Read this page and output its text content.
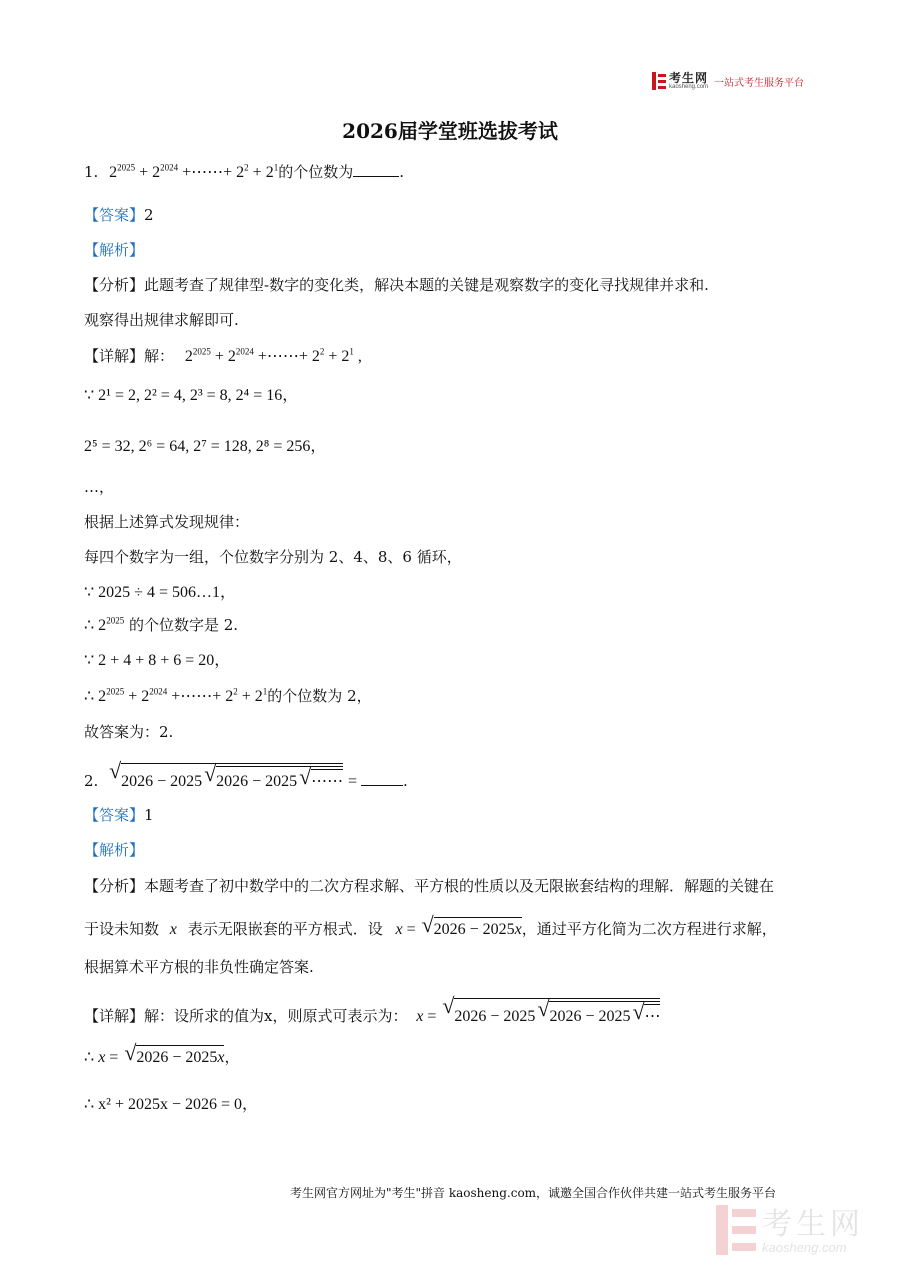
考生网
kaosheng.com 一站式考生服务平台
2026届学堂班选拔考试
1. $2^{2025} + 2^{2024}$ +⋯⋯+ $2^2 + 2^1$的个位数为	.
【答案】2
【解析】
【分析】此题考查了规律型-数字的变化类，解决本题的关键是观察数字的变化寻找规律并求和.
观察得出规律求解即可.
【详解】解： $2^{2025} + 2^{2024}$ +⋯⋯+ $2^2 + 2^1$ ,
∵ 2¹ = 2, 2² = 4, 2³ = 8, 2⁴ = 16，
2⁵ = 32, 2⁶ = 64, 2⁷ = 128, 2⁸ = 256，
…，
根据上述算式发现规律：
每四个数字为一组，个位数字分别为 2、4、8、6 循环，
∵ 2025 ÷ 4 = 506…1，
∴ $2^{2025}$ 的个位数字是 2.
∵ 2 + 4 + 8 + 6 = 20，
∴ $2^{2025} + 2^{2024}$ +⋯⋯+ $2^2 + 2^1$的个位数为 2，
故答案为：2.
2. √ 2026 − 2025 √ 2026 − 2025 √ ⋯⋯ =	.
【答案】1
【解析】
【分析】本题考查了初中数学中的二次方程求解、平方根的性质以及无限嵌套结构的理解．解题的关键在
于设未知数 x 表示无限嵌套的平方根式．设 x = √ 2026 − 2025x，通过平方化简为二次方程进行求解，
根据算术平方根的非负性确定答案.
【详解】解：设所求的值为x，则原式可表示为： x = √ 2026 − 2025 √ 2026 − 2025 √ ⋯
∴ x = √ 2026 − 2025x，
∴ x² + 2025x − 2026 = 0，
考生网官方网址为"考生"拼音 kaosheng.com，诚邀全国合作伙伴共建一站式考生服务平台
考生网
kaosheng.com
